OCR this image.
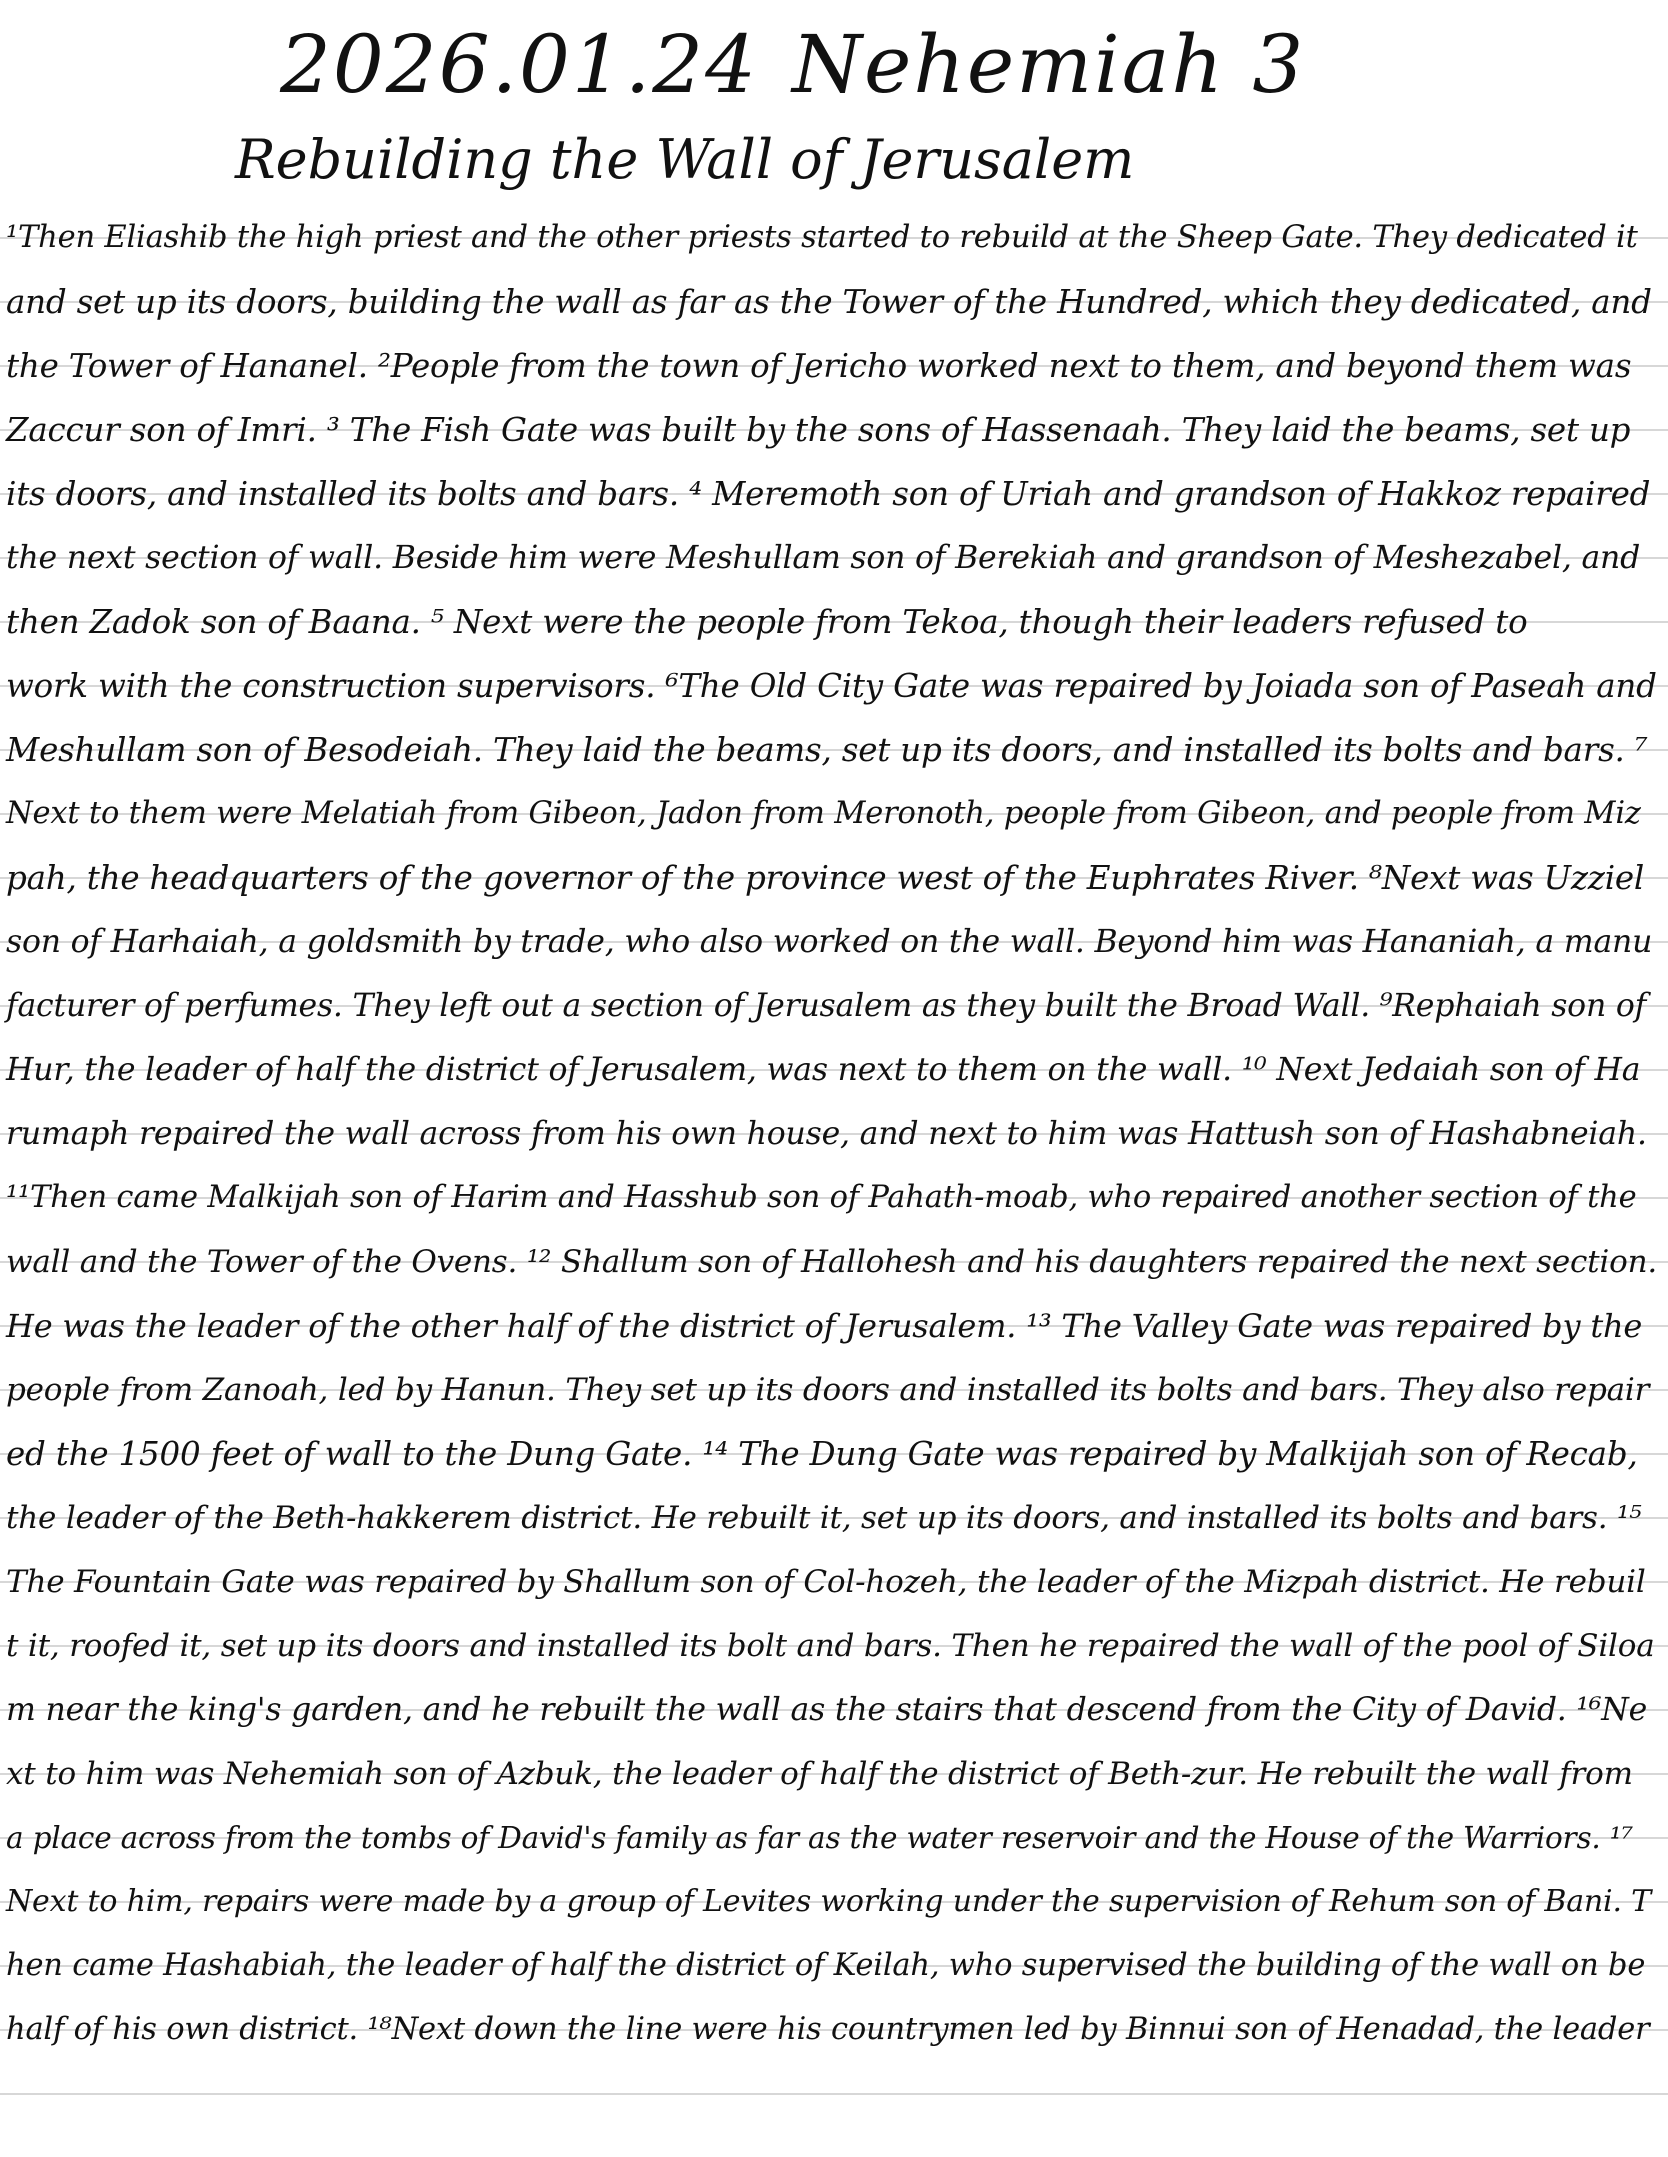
2026.01.24 Nehemiah 3
Rebuilding the Wall of Jerusalem
¹Then Eliashib the high priest and the other priests started to rebuild at the Sheep Gate. They dedicated it
and set up its doors, building the wall as far as the Tower of the Hundred, which they dedicated, and
the Tower of Hananel. ²People from the town of Jericho worked next to them, and beyond them was
Zaccur son of Imri. ³ The Fish Gate was built by the sons of Hassenaah. They laid the beams, set up
its doors, and installed its bolts and bars. ⁴ Meremoth son of Uriah and grandson of Hakkoz repaired
the next section of wall. Beside him were Meshullam son of Berekiah and grandson of Meshezabel, and
then Zadok son of Baana. ⁵ Next were the people from Tekoa, though their leaders refused to
work with the construction supervisors. ⁶The Old City Gate was repaired by Joiada son of Paseah and
Meshullam son of Besodeiah. They laid the beams, set up its doors, and installed its bolts and bars. ⁷
Next to them were Melatiah from Gibeon, Jadon from Meronoth, people from Gibeon, and people from Miz
pah, the headquarters of the governor of the province west of the Euphrates River. ⁸Next was Uzziel
son of Harhaiah, a goldsmith by trade, who also worked on the wall. Beyond him was Hananiah, a manu
facturer of perfumes. They left out a section of Jerusalem as they built the Broad Wall. ⁹Rephaiah son of
Hur, the leader of half the district of Jerusalem, was next to them on the wall. ¹⁰ Next Jedaiah son of Ha
rumaph repaired the wall across from his own house, and next to him was Hattush son of Hashabneiah.
¹¹Then came Malkijah son of Harim and Hasshub son of Pahath-moab, who repaired another section of the
wall and the Tower of the Ovens. ¹² Shallum son of Hallohesh and his daughters repaired the next section.
He was the leader of the other half of the district of Jerusalem. ¹³ The Valley Gate was repaired by the
people from Zanoah, led by Hanun. They set up its doors and installed its bolts and bars. They also repair
ed the 1500 feet of wall to the Dung Gate. ¹⁴ The Dung Gate was repaired by Malkijah son of Recab,
the leader of the Beth-hakkerem district. He rebuilt it, set up its doors, and installed its bolts and bars. ¹⁵
The Fountain Gate was repaired by Shallum son of Col-hozeh, the leader of the Mizpah district. He rebuil
t it, roofed it, set up its doors and installed its bolt and bars. Then he repaired the wall of the pool of Siloa
m near the king's garden, and he rebuilt the wall as the stairs that descend from the City of David. ¹⁶Ne
xt to him was Nehemiah son of Azbuk, the leader of half the district of Beth-zur. He rebuilt the wall from
a place across from the tombs of David's family as far as the water reservoir and the House of the Warriors. ¹⁷
Next to him, repairs were made by a group of Levites working under the supervision of Rehum son of Bani. T
hen came Hashabiah, the leader of half the district of Keilah, who supervised the building of the wall on be
half of his own district. ¹⁸Next down the line were his countrymen led by Binnui son of Henadad, the leader
